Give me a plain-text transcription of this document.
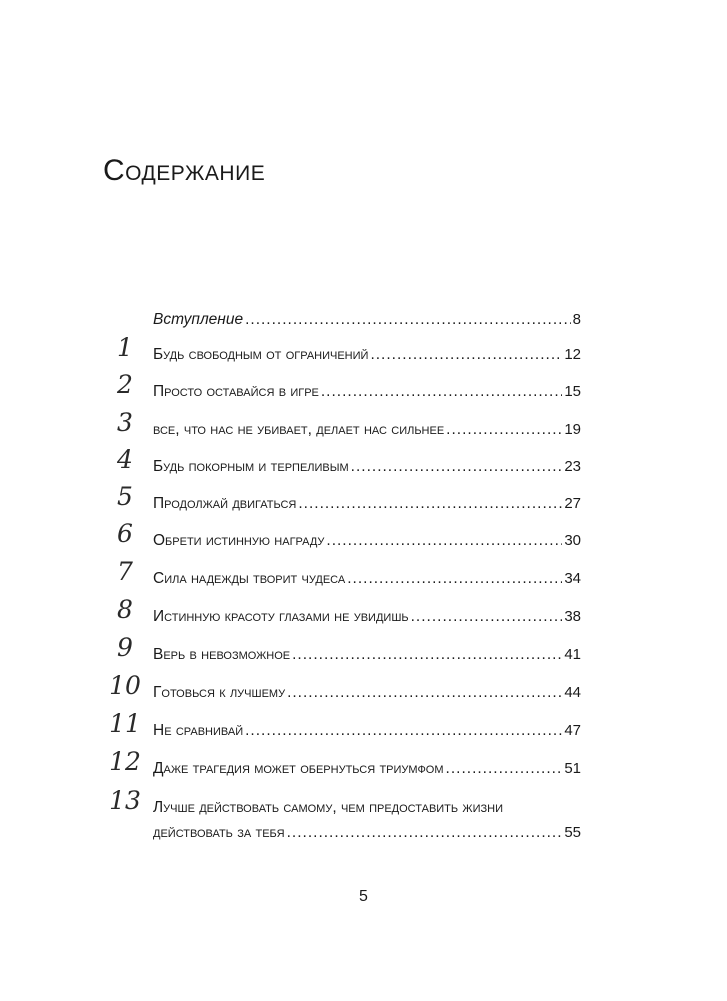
Содержание
Вступление .....	8
1	Будь свободным от ограничений .....	12
2	Просто оставайся в игре .....	15
3	все, что нас не убивает, делает нас сильнее .....	19
4	Будь покорным и терпеливым .....	23
5	Продолжай двигаться .....	27
6	Обрети истинную награду .....	30
7	Сила надежды творит чудеса .....	34
8	Истинную красоту глазами не увидишь .....	38
9	Верь в невозможное .....	41
10 Готовься к лучшему .....	44
11 Не сравнивай .....	47
12 Даже трагедия может обернуться триумфом .....	51
13 Лучше действовать самому, чем предоставить жизни
действовать за тебя .....	55
5
